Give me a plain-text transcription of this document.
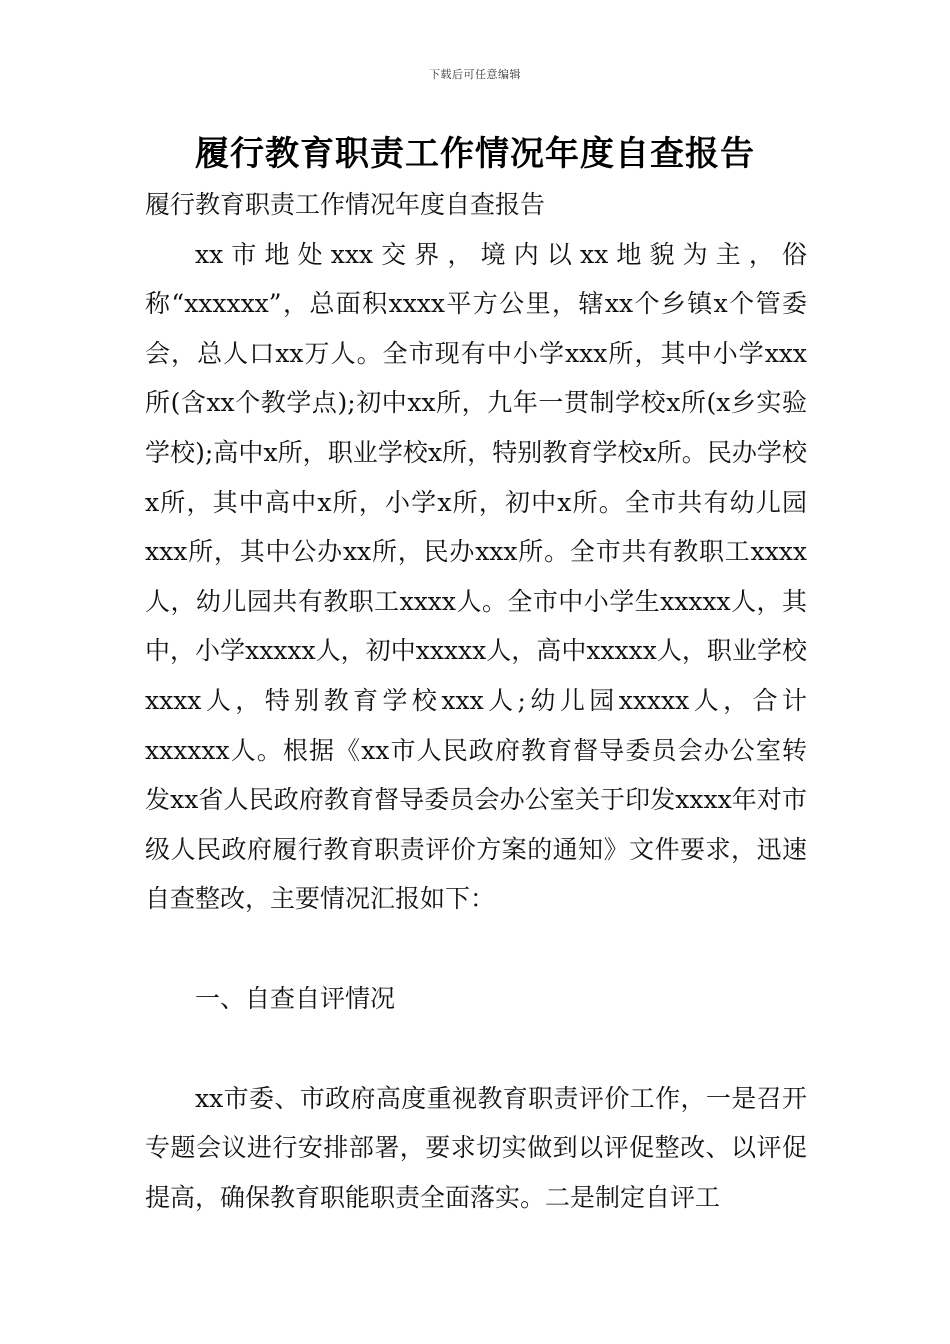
下载后可任意编辑
履行教育职责工作情况年度自查报告

履行教育职责工作情况年度自查报告

xx市地处xxx交界，境内以xx地貌为主，俗称“xxxxxx”，总面积xxxx平方公里，辖xx个乡镇x个管委会，总人口xx万人。全市现有中小学xxx所，其中小学xxx所(含xx个教学点);初中xx所，九年一贯制学校x所(x乡实验学校);高中x所，职业学校x所，特别教育学校x所。民办学校x所，其中高中x所，小学x所，初中x所。全市共有幼儿园xxx所，其中公办xx所，民办xxx所。全市共有教职工xxxx人，幼儿园共有教职工xxxx人。全市中小学生xxxxx人，其中，小学xxxxx人，初中xxxxx人，高中xxxxx人，职业学校xxxx人，特别教育学校xxx人;幼儿园xxxxx人，合计xxxxxx人。根据《xx市人民政府教育督导委员会办公室转发xx省人民政府教育督导委员会办公室关于印发xxxx年对市级人民政府履行教育职责评价方案的通知》文件要求，迅速自查整改，主要情况汇报如下：

一、自查自评情况

xx市委、市政府高度重视教育职责评价工作，一是召开专题会议进行安排部署，要求切实做到以评促整改、以评促提高，确保教育职能职责全面落实。二是制定自评工
